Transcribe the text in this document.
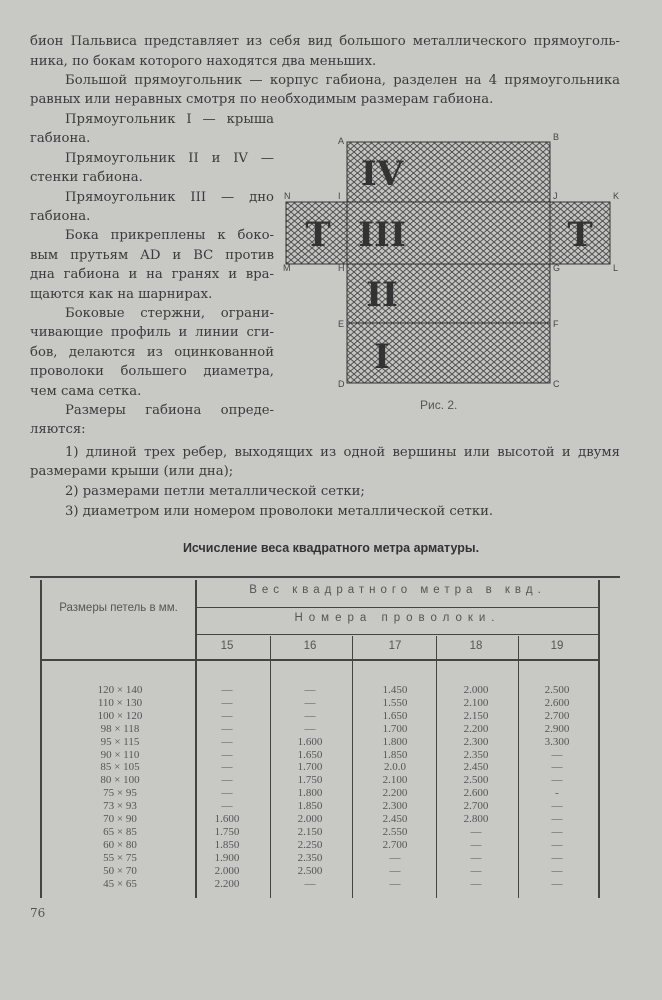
бион Пальвиса представляет из себя вид большого металлического прямоуголь-
ника, по бокам которого находятся два меньших.
Большой прямоугольник — корпус габиона, разделен на 4 прямоугольника
равных или неравных смотря по необходимым размерам габиона.
Прямоугольник I — крыша
габиона.
Прямоугольник II и IV —
стенки габиона.
Прямоугольник III — дно
габиона.
Бока прикреплены к боко-
вым прутьям AD и BC против
дна габиона и на гранях и вра-
щаются как на шарнирах.
Боковые стержни, ограни-
чивающие профиль и линии сги-
бов, делаются из оцинкованной
проволоки большего диаметра,
чем сама сетка.
Размеры габиона опреде-
ляются:
1) длиной трех ребер, выходящих из одной вершины или высотой и двумя
размерами крыши (или дна);
2) размерами петли металлической сетки;
3) диаметром или номером проволоки металлической сетки.
IV
III
II
I
T	T
A	B
C
D
E	F
G
H
I	J	K
L
M
N
Рис. 2.
Исчисление веса квадратного метра арматуры.
Размеры петель в мм.
Вес квадратного метра в квд.
Номера проволоки.
15	16	17	18	19
120 × 140	—	—	1.450	2.000	2.500
110 × 130	—	—	1.550	2.100	2.600
100 × 120	—	—	1.650	2.150	2.700
98 × 118	—	—	1.700	2.200	2.900
95 × 115	—	1.600	1.800	2.300	3.300
90 × 110	—	1.650	1.850	2.350	—
85 × 105	—	1.700	2.0.0	2.450	—
80 × 100	—	1.750	2.100	2.500	—
75 × 95	—	1.800	2.200	2.600	-
73 × 93	—	1.850	2.300	2.700	—
70 × 90	1.600	2.000	2.450	2.800	—
65 × 85	1.750	2.150	2.550	—	—
60 × 80	1.850	2.250	2.700	—	—
55 × 75	1.900	2.350	—	—	—
50 × 70	2.000	2.500	—	—	—
45 × 65	2.200	—	—	—	—
76
